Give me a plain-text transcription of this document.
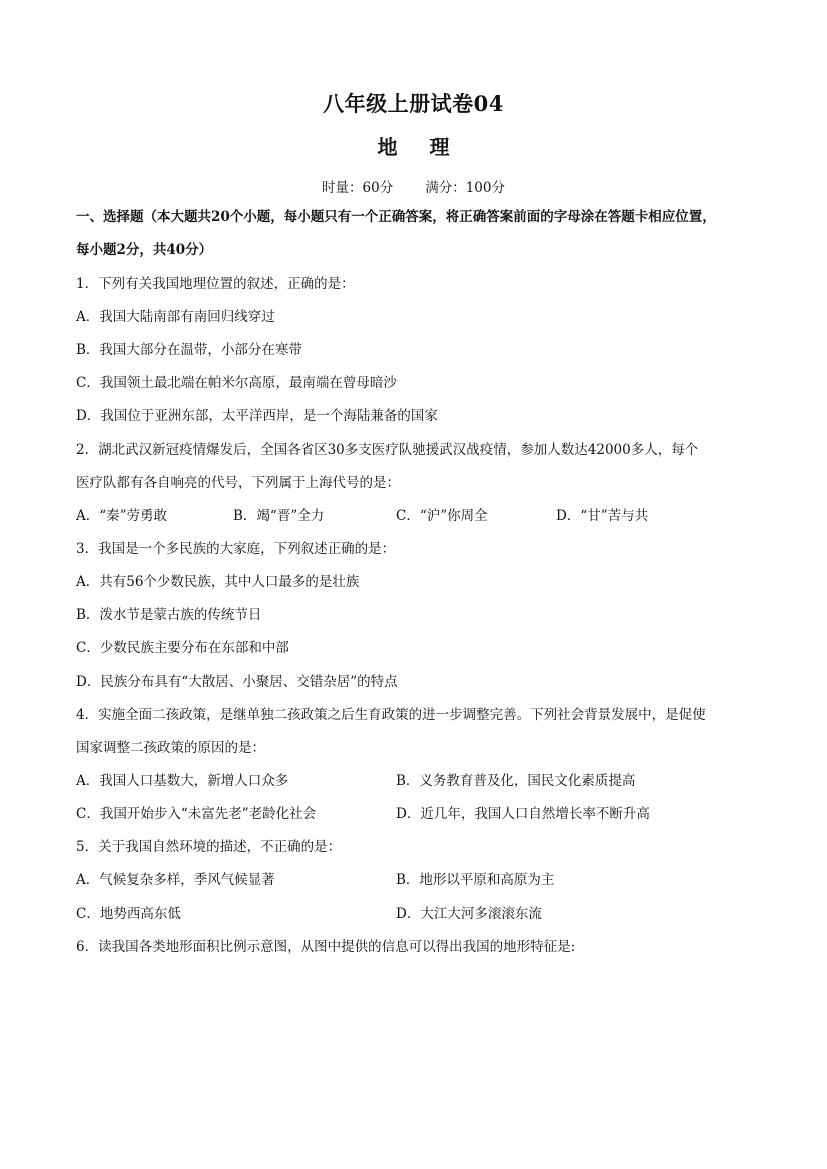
八年级上册试卷04
地 理
时量：60分 满分：100分
一、选择题（本大题共20个小题，每小题只有一个正确答案，将正确答案前面的字母涂在答题卡相应位置，
每小题2分，共40分）
1．下列有关我国地理位置的叙述，正确的是：
A．我国大陆南部有南回归线穿过
B．我国大部分在温带，小部分在寒带
C．我国领土最北端在帕米尔高原，最南端在曾母暗沙
D．我国位于亚洲东部，太平洋西岸，是一个海陆兼备的国家
2．湖北武汉新冠疫情爆发后，全国各省区30多支医疗队驰援武汉战疫情，参加人数达42000多人，每个
医疗队都有各自响亮的代号，下列属于上海代号的是：
A．“秦”劳勇敢	B．竭“晋”全力	C．“沪”你周全	D．“甘”苦与共
3．我国是一个多民族的大家庭，下列叙述正确的是：
A．共有56个少数民族，其中人口最多的是壮族
B．泼水节是蒙古族的传统节日
C．少数民族主要分布在东部和中部
D．民族分布具有“大散居、小聚居、交错杂居”的特点
4．实施全面二孩政策，是继单独二孩政策之后生育政策的进一步调整完善。下列社会背景发展中，是促使
国家调整二孩政策的原因的是：
A．我国人口基数大，新增人口众多	B．义务教育普及化，国民文化素质提高
C．我国开始步入“未富先老”老龄化社会	D．近几年，我国人口自然增长率不断升高
5．关于我国自然环境的描述，不正确的是：
A．气候复杂多样，季风气候显著	B．地形以平原和高原为主
C．地势西高东低	D．大江大河多滚滚东流
6．读我国各类地形面积比例示意图，从图中提供的信息可以得出我国的地形特征是:
